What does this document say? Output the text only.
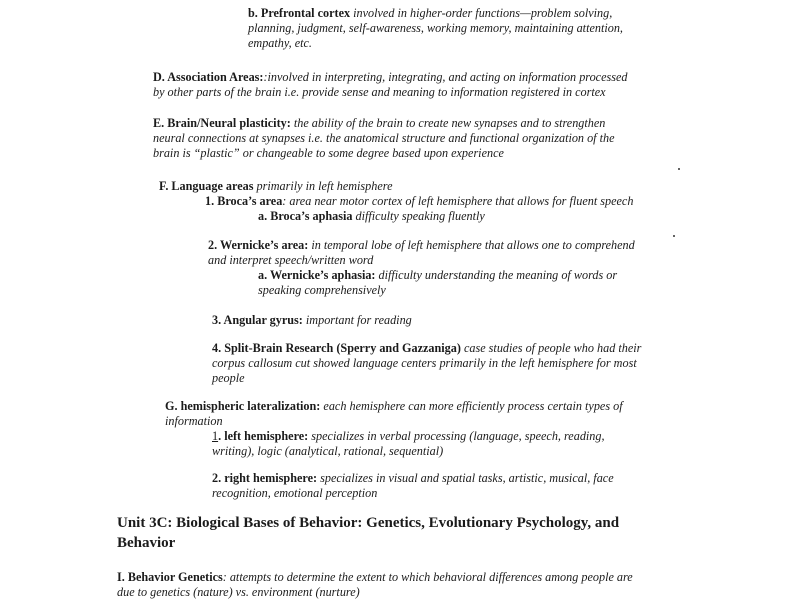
b. Prefrontal cortex involved in higher-order functions—problem solving,
planning, judgment, self-awareness, working memory, maintaining attention,
empathy, etc.
D. Association Areas::involved in interpreting, integrating, and acting on information processed
by other parts of the brain i.e. provide sense and meaning to information registered in cortex
E. Brain/Neural plasticity: the ability of the brain to create new synapses and to strengthen
neural connections at synapses i.e. the anatomical structure and functional organization of the
brain is “plastic” or changeable to some degree based upon experience
F. Language areas primarily in left hemisphere
1. Broca’s area: area near motor cortex of left hemisphere that allows for fluent speech
a. Broca’s aphasia difficulty speaking fluently
2. Wernicke’s area: in temporal lobe of left hemisphere that allows one to comprehend
and interpret speech/written word
a. Wernicke’s aphasia: difficulty understanding the meaning of words or
speaking comprehensively
3. Angular gyrus: important for reading
4. Split-Brain Research (Sperry and Gazzaniga) case studies of people who had their
corpus callosum cut showed language centers primarily in the left hemisphere for most
people
G. hemispheric lateralization: each hemisphere can more efficiently process certain types of
information
1. left hemisphere: specializes in verbal processing (language, speech, reading,
writing), logic (analytical, rational, sequential)
2. right hemisphere: specializes in visual and spatial tasks, artistic, musical, face
recognition, emotional perception
Unit 3C: Biological Bases of Behavior: Genetics, Evolutionary Psychology, and
Behavior
I. Behavior Genetics: attempts to determine the extent to which behavioral differences among people are
due to genetics (nature) vs. environment (nurture)
